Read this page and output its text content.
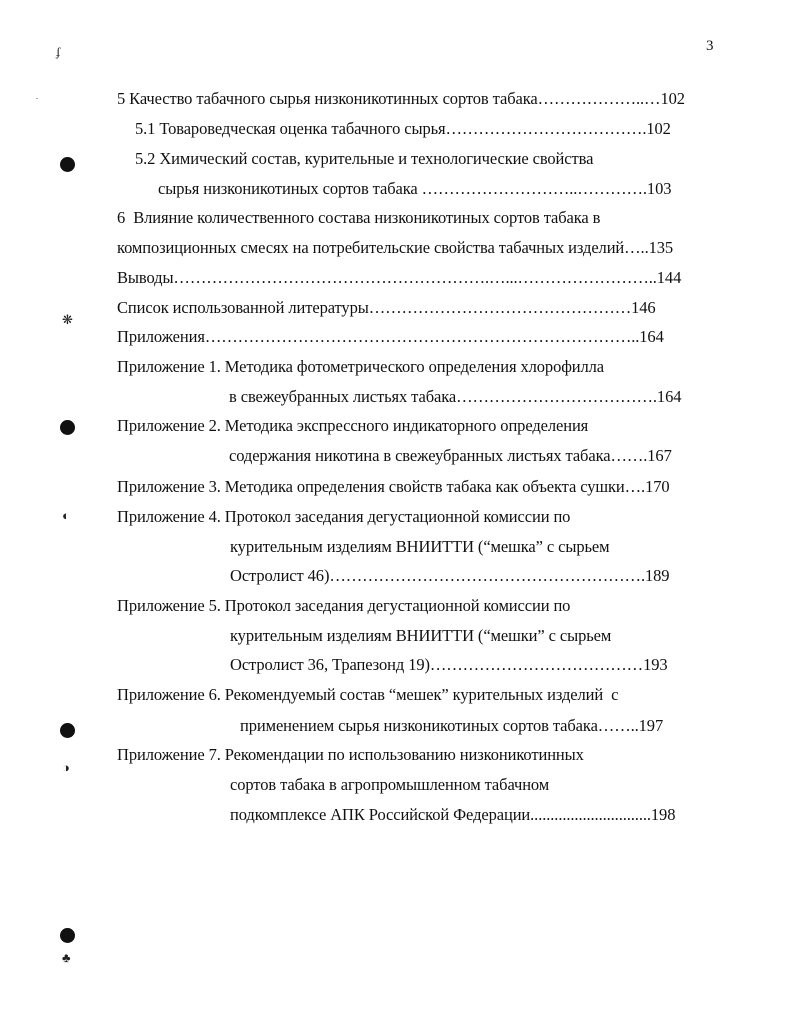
ʄ
.
3
5 Качество табачного сырья низконикотинных сортов табака………………..…102
5.1 Товароведческая оценка табачного сырья……………………………….102
5.2 Химический состав, курительные и технологические свойства
сырья низконикотиных сортов табака ………………………..………….103
6  Влияние количественного состава низконикотиных сортов табака в
композиционных смесях на потребительские свойства табачных изделий…..135
Выводы………………………………………………….…...……………………..144
Список использованной литературы…………………………………………146
Приложения……………………………………………………………………..164
Приложение 1. Методика фотометрического определения хлорофилла
в свежеубранных листьях табака……………………………….164
Приложение 2. Методика экспрессного индикаторного определения
содержания никотина в свежеубранных листьях табака…….167
Приложение 3. Методика определения свойств табака как объекта сушки….170
Приложение 4. Протокол заседания дегустационной комиссии по
курительным изделиям ВНИИТТИ (“мешка” с сырьем
Остролист 46)………………………………………………….189
Приложение 5. Протокол заседания дегустационной комиссии по
курительным изделиям ВНИИТТИ (“мешки” с сырьем
Остролист 36, Трапезонд 19)…………………………………193
Приложение 6. Рекомендуемый состав “мешек” курительных изделий  с
применением сырья низконикотиных сортов табака……..197
Приложение 7. Рекомендации по использованию низконикотинных
сортов табака в агропромышленном табачном
подкомплексе АПК Российской Федерации..............................198
❋
◐
◑
♣
